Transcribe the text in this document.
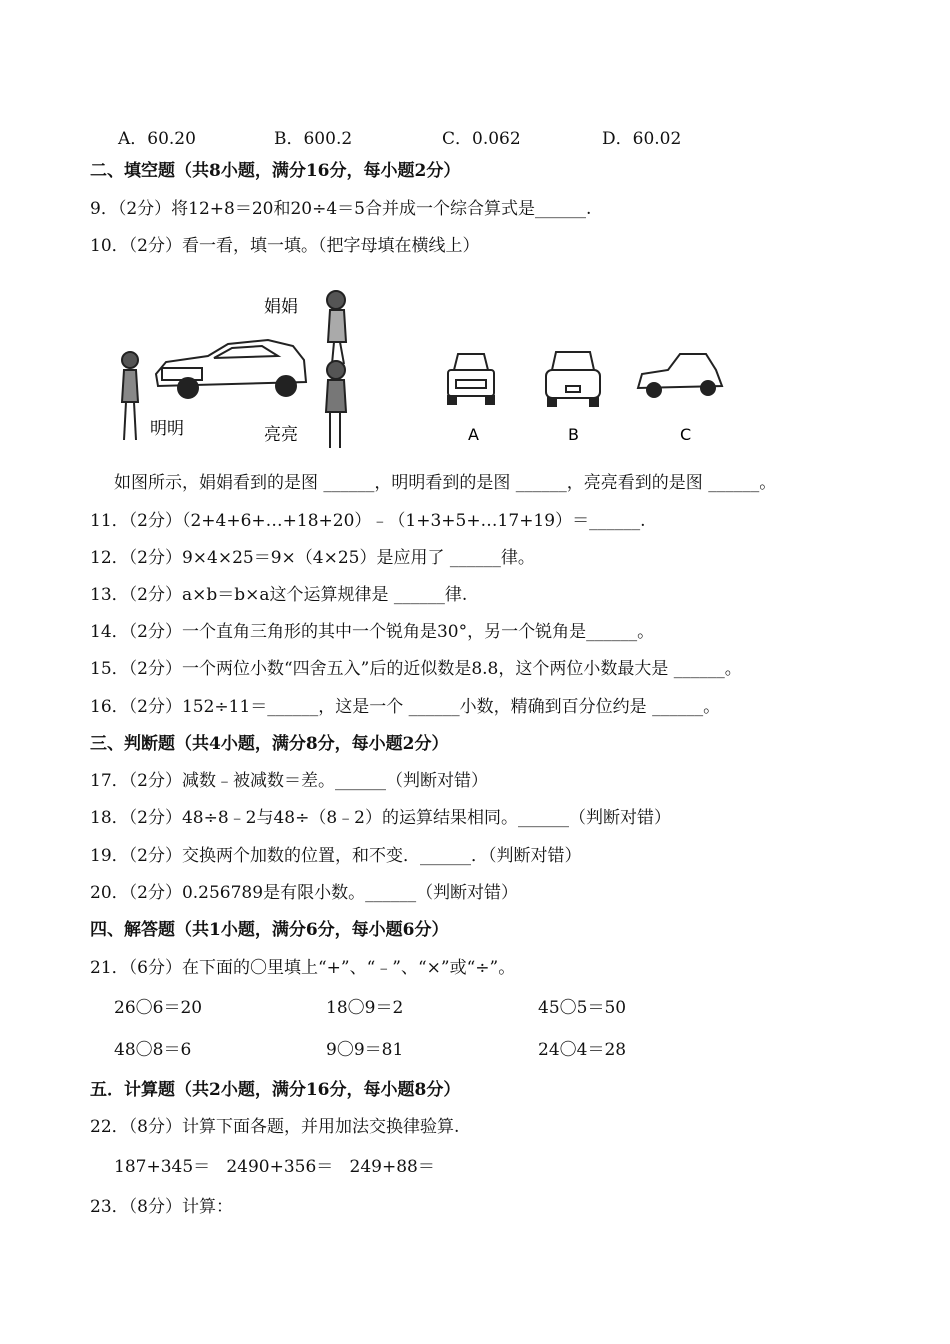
A．60.20	B．600.2	C．0.062	D．60.02
二、填空题（共8小题，满分16分，每小题2分）
9．（2分）将12+8＝20和20÷4＝5合并成一个综合算式是______.
10．（2分）看一看，填一填。（把字母填在横线上）
娟娟
明明	亮亮	A	B	C
如图所示，娟娟看到的是图 ______，明明看到的是图 ______，亮亮看到的是图 ______。
11．（2分）（2+4+6+…+18+20）﹣（1+3+5+…17+19）＝______.
12．（2分）9×4×25＝9×（4×25）是应用了 ______律。
13．（2分）a×b＝b×a这个运算规律是 ______律.
14．（2分）一个直角三角形的其中一个锐角是30°，另一个锐角是______。
15．（2分）一个两位小数“四舍五入”后的近似数是8.8，这个两位小数最大是 ______。
16．（2分）152÷11＝______，这是一个 ______小数，精确到百分位约是 ______。
三、判断题（共4小题，满分8分，每小题2分）
17．（2分）减数﹣被减数＝差。______（判断对错）
18．（2分）48÷8﹣2与48÷（8﹣2）的运算结果相同。______（判断对错）
19．（2分）交换两个加数的位置，和不变．______．（判断对错）
20．（2分）0.256789是有限小数。______（判断对错）
四、解答题（共1小题，满分6分，每小题6分）
21．（6分）在下面的〇里填上“+”、“﹣”、“×”或“÷”。
26〇6＝20	18〇9＝2	45〇5＝50
48〇8＝6	9〇9＝81	24〇4＝28
五．计算题（共2小题，满分16分，每小题8分）
22．（8分）计算下面各题，并用加法交换律验算.
187+345＝   2490+356＝   249+88＝
23．（8分）计算：
